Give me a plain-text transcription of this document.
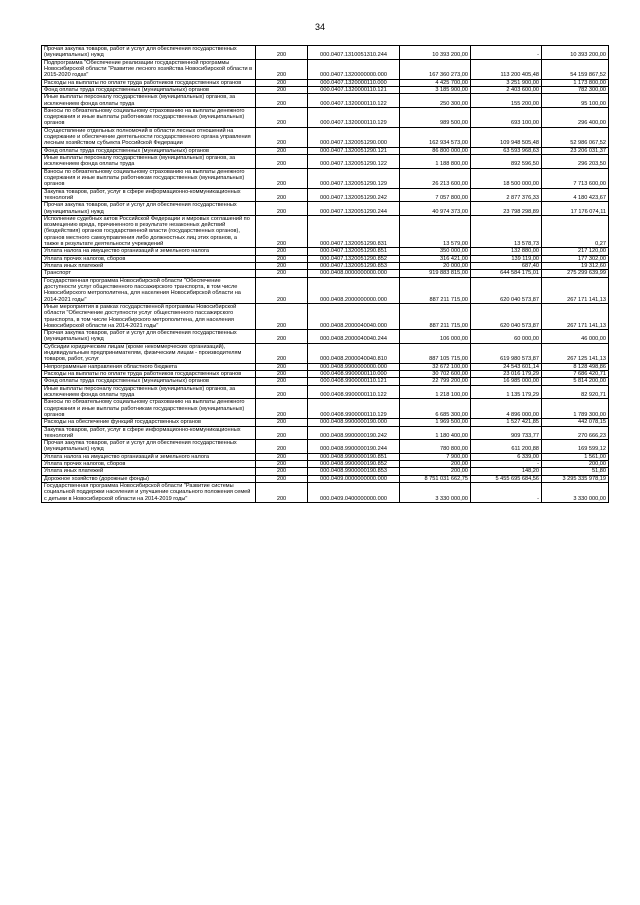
34
Прочая закупка товаров, работ и услуг для обеспечения государственных (муниципальных) нужд	200	000.0407.1310051310.244	10 393 200,00	-	10 393 200,00
Подпрограмма "Обеспечение реализации государственной программы Новосибирской области "Развитие лесного хозяйства Новосибирской области в 2015-2020 годах"	200	000.0407.1320000000.000	167 360 273,00	113 200 405,48	54 159 867,52
Расходы на выплаты по оплате труда работников государственных органов	200	000.0407.1320000110.000	4 425 700,00	3 251 900,00	1 173 800,00
Фонд оплаты труда государственных (муниципальных) органов	200	000.0407.1320000110.121	3 185 900,00	2 403 600,00	782 300,00
Иные выплаты персоналу государственных (муниципальных) органов, за исключением фонда оплаты труда	200	000.0407.1320000110.122	250 300,00	155 200,00	95 100,00
Взносы по обязательному социальному страхованию на выплаты денежного содержания и иные выплаты работникам государственных (муниципальных) органов	200	000.0407.1320000110.129	989 500,00	693 100,00	296 400,00
Осуществление отдельных полномочий в области лесных отношений на содержание и обеспечение деятельности государственного органа управления лесным хозяйством субъекта Российской Федерации	200	000.0407.1320051290.000	162 934 573,00	109 948 505,48	52 986 067,52
Фонд оплаты труда государственных (муниципальных) органов	200	000.0407.1320051290.121	86 800 000,00	63 593 968,63	23 206 031,37
Иные выплаты персоналу государственных (муниципальных) органов, за исключением фонда оплаты труда	200	000.0407.1320051290.122	1 188 800,00	892 596,50	296 203,50
Взносы по обязательному социальному страхованию на выплаты денежного содержания и иные выплаты работникам государственных (муниципальных) органов	200	000.0407.1320051290.129	26 213 600,00	18 500 000,00	7 713 600,00
Закупка товаров, работ, услуг в сфере информационно-коммуникационных технологий	200	000.0407.1320051290.242	7 057 800,00	2 877 376,33	4 180 423,67
Прочая закупка товаров, работ и услуг для обеспечения государственных (муниципальных) нужд	200	000.0407.1320051290.244	40 974 373,00	23 798 298,89	17 176 074,11
Исполнение судебных актов Российской Федерации и мировых соглашений по возмещению вреда, причиненного в результате незаконных действий (бездействия) органов государственной власти (государственных органов), органов местного самоуправления либо должностных лиц этих органов, а также в результате деятельности учреждений	200	000.0407.1320051290.831	13 579,00	13 578,73	0,27
Уплата налога на имущество организаций и земельного налога	200	000.0407.1320051290.851	350 000,00	132 880,00	217 120,00
Уплата прочих налогов, сборов	200	000.0407.1320051290.852	316 421,00	139 119,00	177 302,00
Уплата иных платежей	200	000.0407.1320051290.853	20 000,00	687,40	19 312,60
Транспорт	200	000.0408.0000000000.000	919 883 815,00	644 584 175,01	275 299 639,99
Государственная программа Новосибирской области "Обеспечение доступности услуг общественного пассажирского транспорта, в том числе Новосибирского метрополитена, для населения Новосибирской области на 2014-2021 годы"	200	000.0408.2000000000.000	887 211 715,00	620 040 573,87	267 171 141,13
Иные мероприятия в рамках государственной программы Новосибирской области "Обеспечение доступности услуг общественного пассажирского транспорта, в том числе Новосибирского метрополитена, для населения Новосибирской области на 2014-2021 годы"	200	000.0408.2000040040.000	887 211 715,00	620 040 573,87	267 171 141,13
Прочая закупка товаров, работ и услуг для обеспечения государственных (муниципальных) нужд	200	000.0408.2000040040.244	106 000,00	60 000,00	46 000,00
Субсидии юридическим лицам (кроме некоммерческих организаций), индивидуальным предпринимателям, физическим лицам - производителям товаров, работ, услуг	200	000.0408.2000040040.810	887 105 715,00	619 980 573,87	267 125 141,13
Непрограммные направления областного бюджета	200	000.0408.9900000000.000	32 672 100,00	24 543 601,14	8 128 498,86
Расходы на выплаты по оплате труда работников государственных органов	200	000.0408.9900000110.000	30 702 600,00	23 016 179,29	7 686 420,71
Фонд оплаты труда государственных (муниципальных) органов	200	000.0408.9900000110.121	22 799 200,00	16 985 000,00	5 814 200,00
Иные выплаты персоналу государственных (муниципальных) органов, за исключением фонда оплаты труда	200	000.0408.9900000110.122	1 218 100,00	1 135 179,29	82 920,71
Взносы по обязательному социальному страхованию на выплаты денежного содержания и иные выплаты работникам государственных (муниципальных) органов	200	000.0408.9900000110.129	6 685 300,00	4 896 000,00	1 789 300,00
Расходы на обеспечение функций государственных органов	200	000.0408.9900000190.000	1 969 500,00	1 527 421,85	442 078,15
Закупка товаров, работ, услуг в сфере информационно-коммуникационных технологий	200	000.0408.9900000190.242	1 180 400,00	909 733,77	270 666,23
Прочая закупка товаров, работ и услуг для обеспечения государственных (муниципальных) нужд	200	000.0408.9900000190.244	780 800,00	611 200,88	169 599,12
Уплата налога на имущество организаций и земельного налога	200	000.0408.9900000190.851	7 900,00	6 339,00	1 561,00
Уплата прочих налогов, сборов	200	000.0408.9900000190.852	200,00	-	200,00
Уплата иных платежей	200	000.0408.9900000190.853	200,00	148,20	51,80
Дорожное хозяйство (дорожные фонды)	200	000.0409.0000000000.000	8 751 031 662,75	5 455 695 684,56	3 295 335 978,19
Государственная программа Новосибирской области "Развитие системы социальной поддержки населения и улучшение социального положения семей с детьми в Новосибирской области на 2014-2019 годы"	200	000.0409.0400000000.000	3 330 000,00	-	3 330 000,00
